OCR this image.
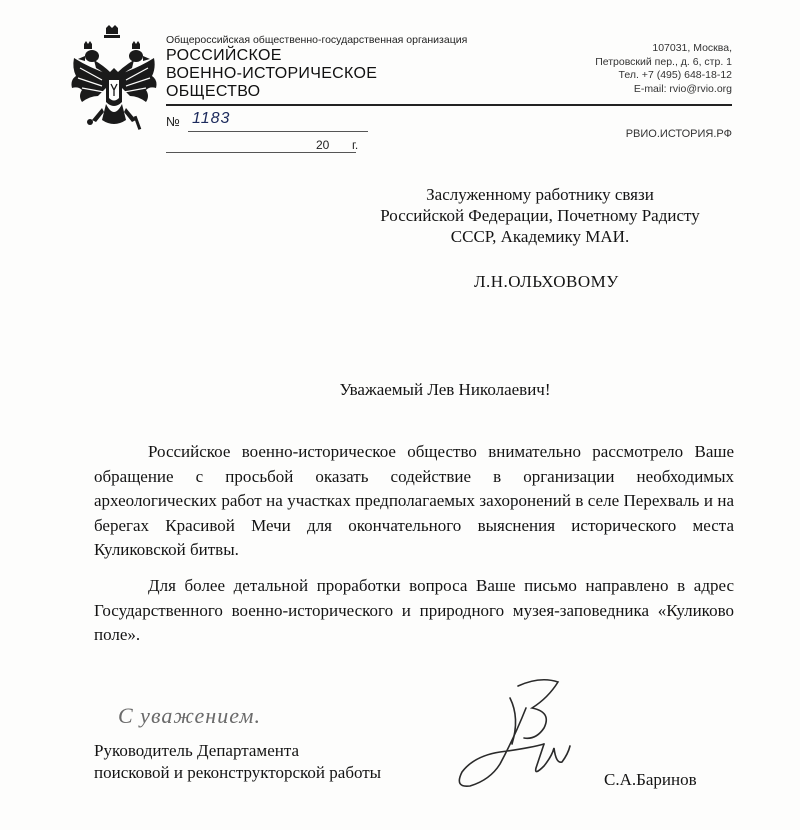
Общероссийская общественно-государственная организация
РОССИЙСКОЕ
ВОЕННО-ИСТОРИЧЕСКОЕ
ОБЩЕСТВО
107031, Москва,
Петровский пер., д. 6, стр. 1
Тел. +7 (495) 648-18-12
E-mail: rvio@rvio.org
№ 1183
20 г.
РВИО.ИСТОРИЯ.РФ
Заслуженному работнику связи
Российской Федерации, Почетному Радисту
СССР, Академику МАИ.
Л.Н.ОЛЬХОВОМУ
Уважаемый Лев Николаевич!

Российское военно-историческое общество внимательно рассмотрело Ваше обращение с просьбой оказать содействие в организации необходимых археологических работ на участках предполагаемых захоронений в селе Перехваль и на берегах Красивой Мечи для окончательного выяснения исторического места Куликовской битвы.

Для более детальной проработки вопроса Ваше письмо направлено в адрес Государственного военно-исторического и природного музея-заповедника «Куликово поле».

С уважением.
Руководитель Департамента
поисковой и реконструкторской работы	С.А.Баринов
